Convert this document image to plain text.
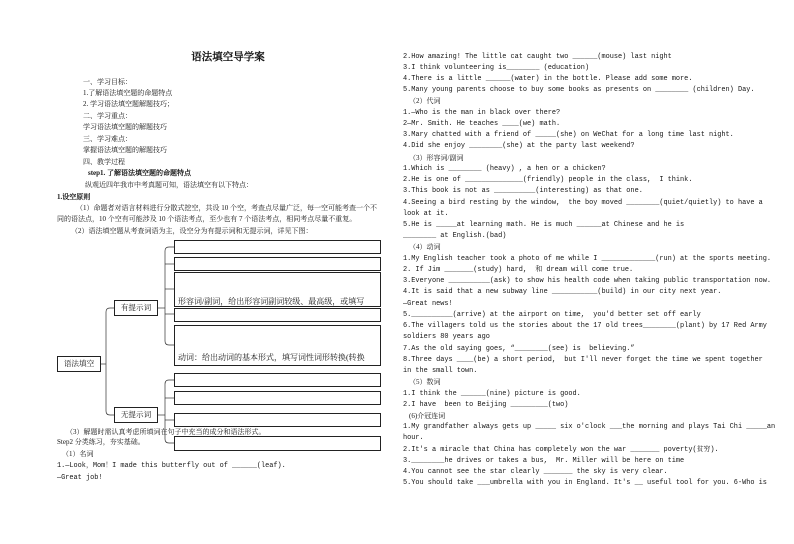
语法填空导学案
一、学习目标：
1.了解语法填空题的命题特点
2. 学习语法填空题解题技巧；
二、学习重点：
学习语法填空题的解题技巧
三、学习难点：
掌握语法填空题的解题技巧
四、教学过程
step1. 了解语法填空题的命题特点
纵观近四年我市中考真题可知，语法填空有以下特点：
1.设空原则
（1）命题者对语言材料进行分散式挖空，共设 10 个空，考查点尽量广泛，每一空可能考查一个不
同的语法点，10 个空有可能涉及 10 个语法考点，至少也有 7 个语法考点，相同考点尽量不重复。
（2）语法填空题从考查词语为主，设空分为有提示词和无提示词，详见下图：
语法填空
有提示词
无提示词

形容词/副词，给出形容词副词较级、最高级，或填写

动词：给出动词的基本形式，填写词性词形转换(转换

（3）解题时需认真考虑所填词在句子中充当的成分和语法形式。
Step2 分类练习，夯实基础。
（1）名词
1.—Look，Mom！I made this butterfly out of ______(leaf).
—Great job!
2.How amazing! The little cat caught two ______(mouse) last night
3.I think volunteering is________ (education)
4.There is a little ______(water) in the bottle. Please add some more.
5.Many young parents choose to buy some books as presents on ________ (children) Day.
（2）代词
1.—Who is the man in black over there?
2—Mr. Smith. He teaches ____(we) math.
3.Mary chatted with a friend of _____(she) on WeChat for a long time last night.
4.Did she enjoy ________(she) at the party last weekend?
（3）形容词/副词
1.Which is ________ (heavy) , a hen or a chicken?
2.He is one of ______________(friendly) people in the class,  I think.
3.This book is not as __________(interesting) as that one.
4.Seeing a bird resting by the window,  the boy moved ________(quiet/quietly) to have a
look at it.
5.He is _____at learning math. He is much ______at Chinese and he is
________ at English.(bad)
（4）动词
1.My English teacher took a photo of me while I _____________(run) at the sports meeting.
2. If Jim _______(study) hard,  和 dream will come true.
3.Everyone __________(ask) to show his health code when taking public transportation now.
4.It is said that a new subway line ___________(build) in our city next year.
—Great news!
5.__________(arrive) at the airport on time,  you'd better set off early
6.The villagers told us the stories about the 17 old trees________(plant) by 17 Red Army
soldiers 80 years ago
7.As the old saying goes, “________(see) is  believing.”
8.Three days ____(be) a short period,  but I'll never forget the time we spent together
in the small town.
（5）数词
1.I think the ______(nine) picture is good.
2.I have  been to Beijing _________(two)
(6)介冠连词
1.My grandfather always gets up _____ six o'clock ___the morning and plays Tai Chi _____an
hour.
2.It's a miracle that China has completely won the war _______ poverty(贫穷).
3.________he drives or takes a bus,  Mr. Miller will be here on time
4.You cannot see the star clearly _______ the sky is very clear.
5.You should take ___umbrella with you in England. It's __ useful tool for you. 6-Who is
